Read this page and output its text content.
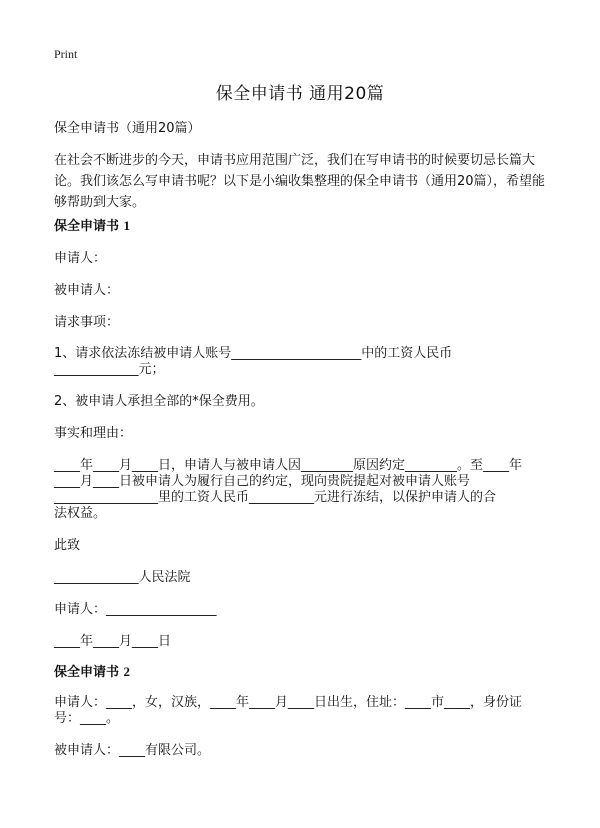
Print
保全申请书 通用20篇
保全申请书（通用20篇）
在社会不断进步的今天，申请书应用范围广泛，我们在写申请书的时候要切忌长篇大论。我们该怎么写申请书呢？以下是小编收集整理的保全申请书（通用20篇），希望能够帮助到大家。
保全申请书 1
申请人：
被申请人：
请求事项：
1、请求依法冻结被申请人账号____________________中的工资人民币
_____________元；
2、被申请人承担全部的*保全费用。
事实和理由：
____年____月____日，申请人与被申请人因________原因约定________。至____年
____月____日被申请人为履行自己的约定，现向贵院提起对被申请人账号
________________里的工资人民币__________元进行冻结，以保护申请人的合
法权益。
此致
_____________人民法院
申请人：_________________
____年____月____日
保全申请书 2
申请人：____，女，汉族，____年____月____日出生，住址：____市____，身份证
号：____。
被申请人：____有限公司。
